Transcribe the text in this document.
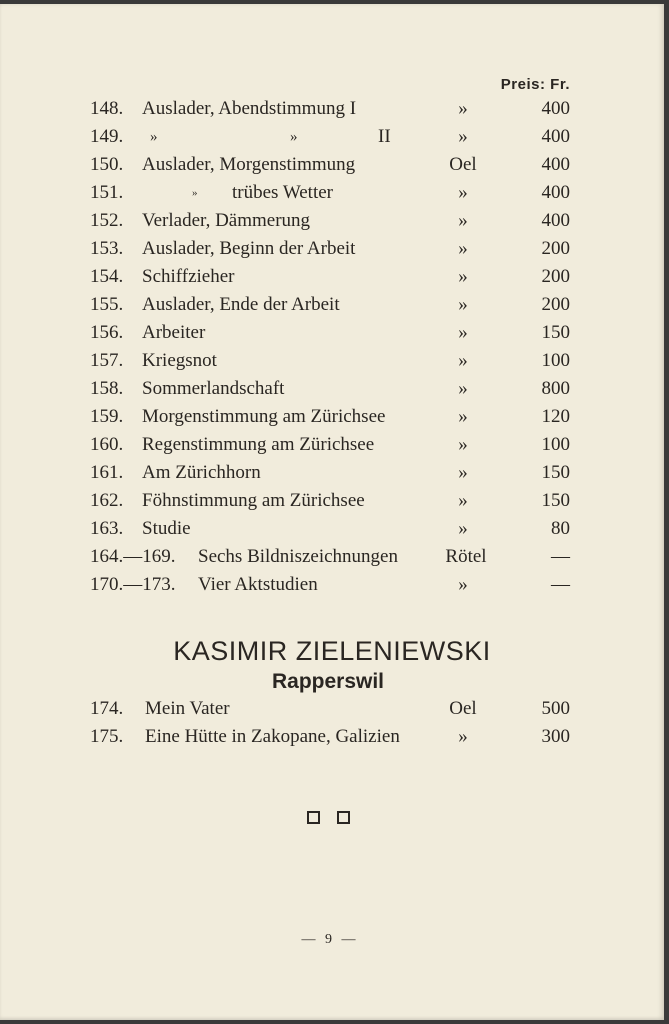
Preis: Fr.
148. Auslader, Abendstimmung I	»	400
149.	»	»	II	»	400
150. Auslader, Morgenstimmung	Oel	400
151.	» trübes Wetter	»	400
152. Verlader, Dämmerung	»	400
153. Auslader, Beginn der Arbeit	»	200
154. Schiffzieher	»	200
155. Auslader, Ende der Arbeit	»	200
156. Arbeiter	»	150
157. Kriegsnot	»	100
158. Sommerlandschaft	»	800
159. Morgenstimmung am Zürichsee	»	120
160. Regenstimmung am Zürichsee	»	100
161. Am Zürichhorn	»	150
162. Föhnstimmung am Zürichsee	»	150
163. Studie	»	80
164.—169.	Sechs Bildniszeichnungen	Rötel	—
170.—173.	Vier Aktstudien	»	—
KASIMIR ZIELENIEWSKI
Rapperswil
174.	Mein Vater	Oel	500
175.	Eine Hütte in Zakopane, Galizien	»	300
— 9 —
